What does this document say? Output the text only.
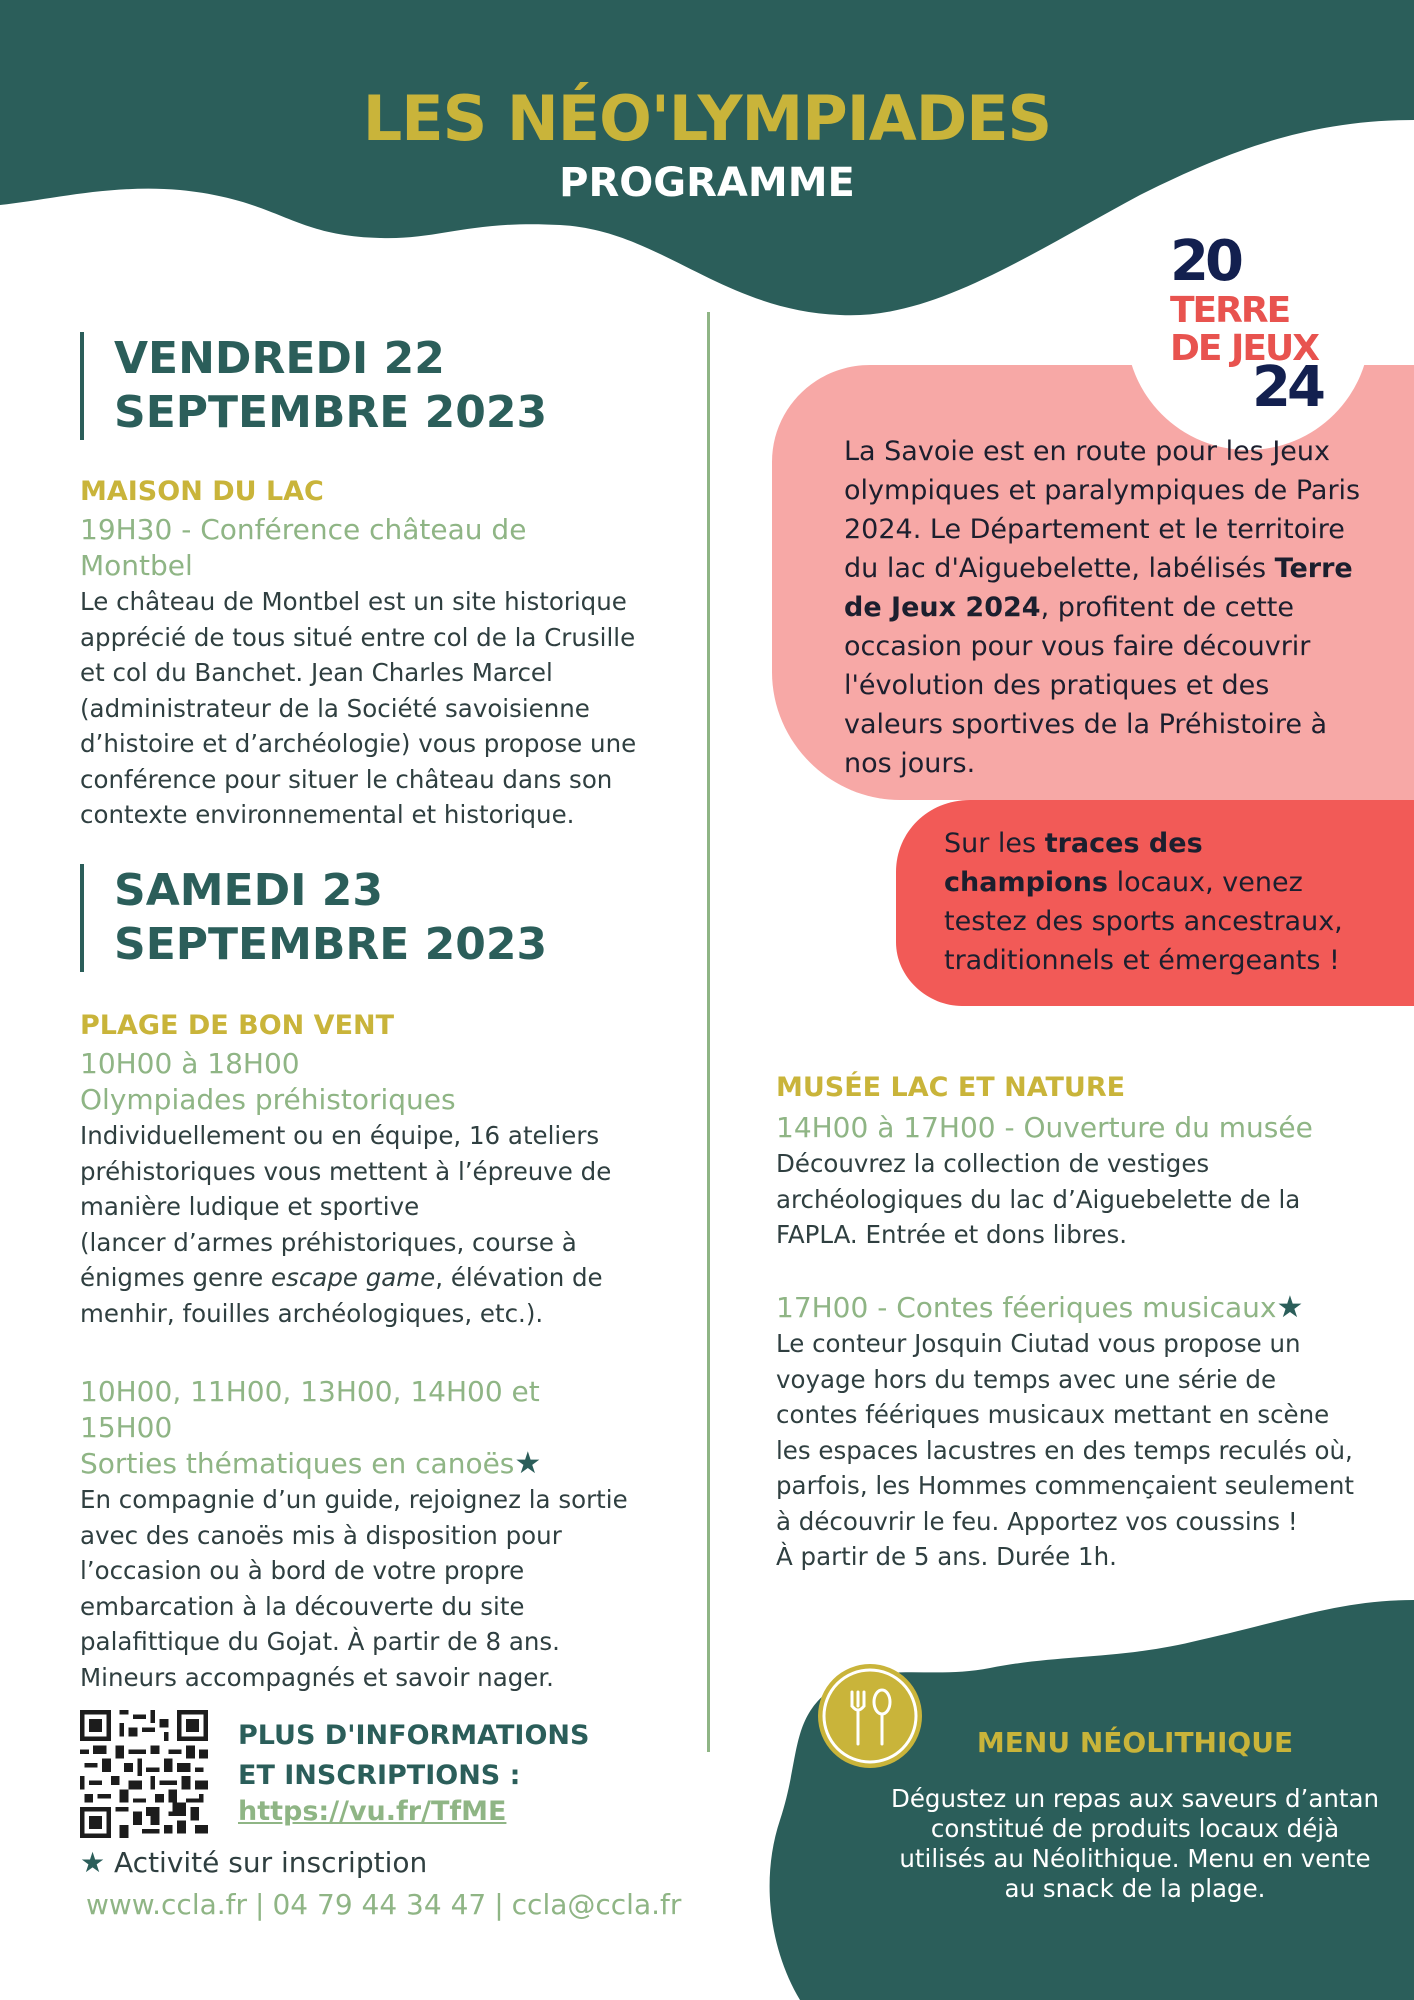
LES NÉO'LYMPIADES
PROGRAMME
20
TERRE DE JEUX
24
VENDREDI 22
SEPTEMBRE 2023
MAISON DU LAC
19H30 - Conférence château de Montbel
Le château de Montbel est un site historique apprécié de tous situé entre col de la Crusille et col du Banchet. Jean Charles Marcel (administrateur de la Société savoisienne d’histoire et d’archéologie) vous propose une conférence pour situer le château dans son contexte environnemental et historique.
SAMEDI 23
SEPTEMBRE 2023
PLAGE DE BON VENT
10H00 à 18H00
Olympiades préhistoriques
Individuellement ou en équipe, 16 ateliers préhistoriques vous mettent à l’épreuve de manière ludique et sportive
(lancer d’armes préhistoriques, course à énigmes genre escape game, élévation de menhir, fouilles archéologiques, etc.).
10H00, 11H00, 13H00, 14H00 et 15H00
Sorties thématiques en canoës★
En compagnie d’un guide, rejoignez la sortie avec des canoës mis à disposition pour l’occasion ou à bord de votre propre embarcation à la découverte du site palafittique du Gojat. À partir de 8 ans. Mineurs accompagnés et savoir nager.
La Savoie est en route pour les Jeux olympiques et paralympiques de Paris 2024. Le Département et le territoire du lac d'Aiguebelette, labélisés Terre de Jeux 2024, profitent de cette occasion pour vous faire découvrir l'évolution des pratiques et des valeurs sportives de la Préhistoire à nos jours.
Sur les traces des champions locaux, venez testez des sports ancestraux, traditionnels et émergeants !
MUSÉE LAC ET NATURE
14H00 à 17H00 - Ouverture du musée
Découvrez la collection de vestiges archéologiques du lac d’Aiguebelette de la FAPLA. Entrée et dons libres.
17H00 - Contes féeriques musicaux★
Le conteur Josquin Ciutad vous propose un voyage hors du temps avec une série de contes féériques musicaux mettant en scène les espaces lacustres en des temps reculés où, parfois, les Hommes commençaient seulement à découvrir le feu. Apportez vos coussins !
À partir de 5 ans. Durée 1h.
PLUS D'INFORMATIONS
ET INSCRIPTIONS :
https://vu.fr/TfME
★ Activité sur inscription
www.ccla.fr | 04 79 44 34 47 | ccla@ccla.fr
MENU NÉOLITHIQUE
Dégustez un repas aux saveurs d’antan constitué de produits locaux déjà utilisés au Néolithique. Menu en vente au snack de la plage.
